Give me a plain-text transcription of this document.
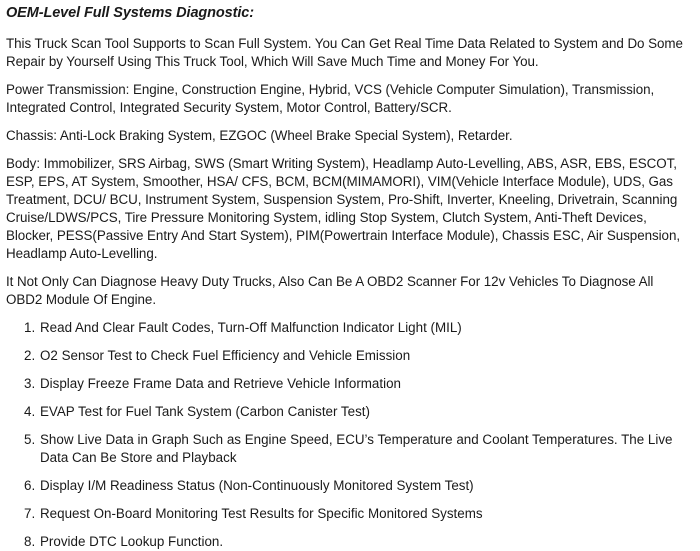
OEM-Level Full Systems Diagnostic:

This Truck Scan Tool Supports to Scan Full System. You Can Get Real Time Data Related to System and Do Some Repair by Yourself Using This Truck Tool, Which Will Save Much Time and Money For You.

Power Transmission: Engine, Construction Engine, Hybrid, VCS (Vehicle Computer Simulation), Transmission, Integrated Control, Integrated Security System, Motor Control, Battery/SCR.

Chassis: Anti-Lock Braking System, EZGOC (Wheel Brake Special System), Retarder.

Body: Immobilizer, SRS Airbag, SWS (Smart Writing System), Headlamp Auto-Levelling, ABS, ASR, EBS, ESCOT, ESP, EPS, AT System, Smoother, HSA/ CFS, BCM, BCM(MIMAMORI), VIM(Vehicle Interface Module), UDS, Gas Treatment, DCU/ BCU, Instrument System, Suspension System, Pro-Shift, Inverter, Kneeling, Drivetrain, Scanning Cruise/LDWS/PCS, Tire Pressure Monitoring System, idling Stop System, Clutch System, Anti-Theft Devices, Blocker, PESS(Passive Entry And Start System), PIM(Powertrain Interface Module), Chassis ESC, Air Suspension, Headlamp Auto-Levelling.

It Not Only Can Diagnose Heavy Duty Trucks, Also Can Be A OBD2 Scanner For 12v Vehicles To Diagnose All OBD2 Module Of Engine.

1. Read And Clear Fault Codes, Turn-Off Malfunction Indicator Light (MIL)
2. O2 Sensor Test to Check Fuel Efficiency and Vehicle Emission
3. Display Freeze Frame Data and Retrieve Vehicle Information
4. EVAP Test for Fuel Tank System (Carbon Canister Test)
5. Show Live Data in Graph Such as Engine Speed, ECU’s Temperature and Coolant Temperatures. The Live Data Can Be Store and Playback
6. Display I/M Readiness Status (Non-Continuously Monitored System Test)
7. Request On-Board Monitoring Test Results for Specific Monitored Systems
8. Provide DTC Lookup Function.
